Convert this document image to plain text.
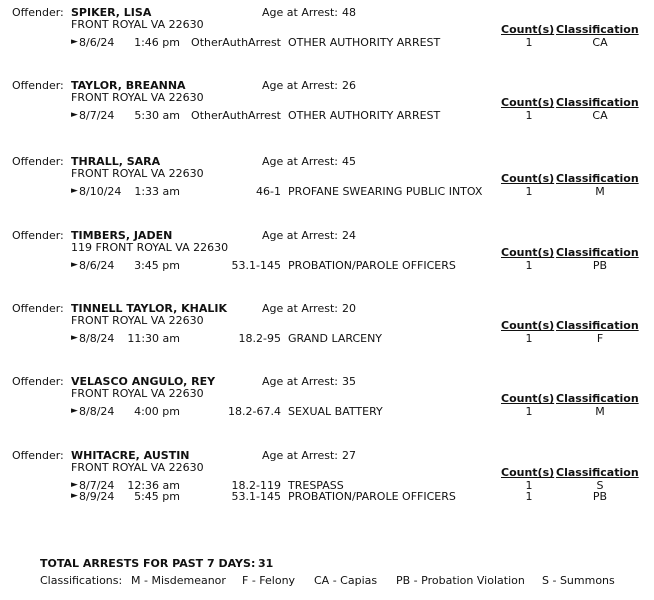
Offender: SPIKER, LISA	Age at Arrest: 48
FRONT ROYAL VA 22630	Count(s) Classification
► 8/6/24	1:46 pm	OtherAuthArrest OTHER AUTHORITY ARREST	1	CA
Offender: TAYLOR, BREANNA	Age at Arrest: 26
FRONT ROYAL VA 22630	Count(s) Classification
► 8/7/24	5:30 am	OtherAuthArrest OTHER AUTHORITY ARREST	1	CA
Offender: THRALL, SARA	Age at Arrest: 45
FRONT ROYAL VA 22630	Count(s) Classification
► 8/10/24	1:33 am	46-1 PROFANE SWEARING PUBLIC INTOX	1	M
Offender: TIMBERS, JADEN	Age at Arrest: 24
119 FRONT ROYAL VA 22630	Count(s) Classification
► 8/6/24	3:45 pm	53.1-145 PROBATION/PAROLE OFFICERS	1	PB
Offender: TINNELL TAYLOR, KHALIK	Age at Arrest: 20
FRONT ROYAL VA 22630	Count(s) Classification
► 8/8/24	11:30 am	18.2-95 GRAND LARCENY	1	F
Offender: VELASCO ANGULO, REY	Age at Arrest: 35
FRONT ROYAL VA 22630	Count(s) Classification
► 8/8/24	4:00 pm	18.2-67.4 SEXUAL BATTERY	1	M
Offender: WHITACRE, AUSTIN	Age at Arrest: 27
FRONT ROYAL VA 22630	Count(s) Classification
► 8/7/24	12:36 am	18.2-119 TRESPASS	1	S
► 8/9/24	5:45 pm	53.1-145 PROBATION/PAROLE OFFICERS	1	PB
TOTAL ARRESTS FOR PAST 7 DAYS: 31
Classifications: M - Misdemeanor F - Felony CA - Capias PB - Probation Violation S - Summons
